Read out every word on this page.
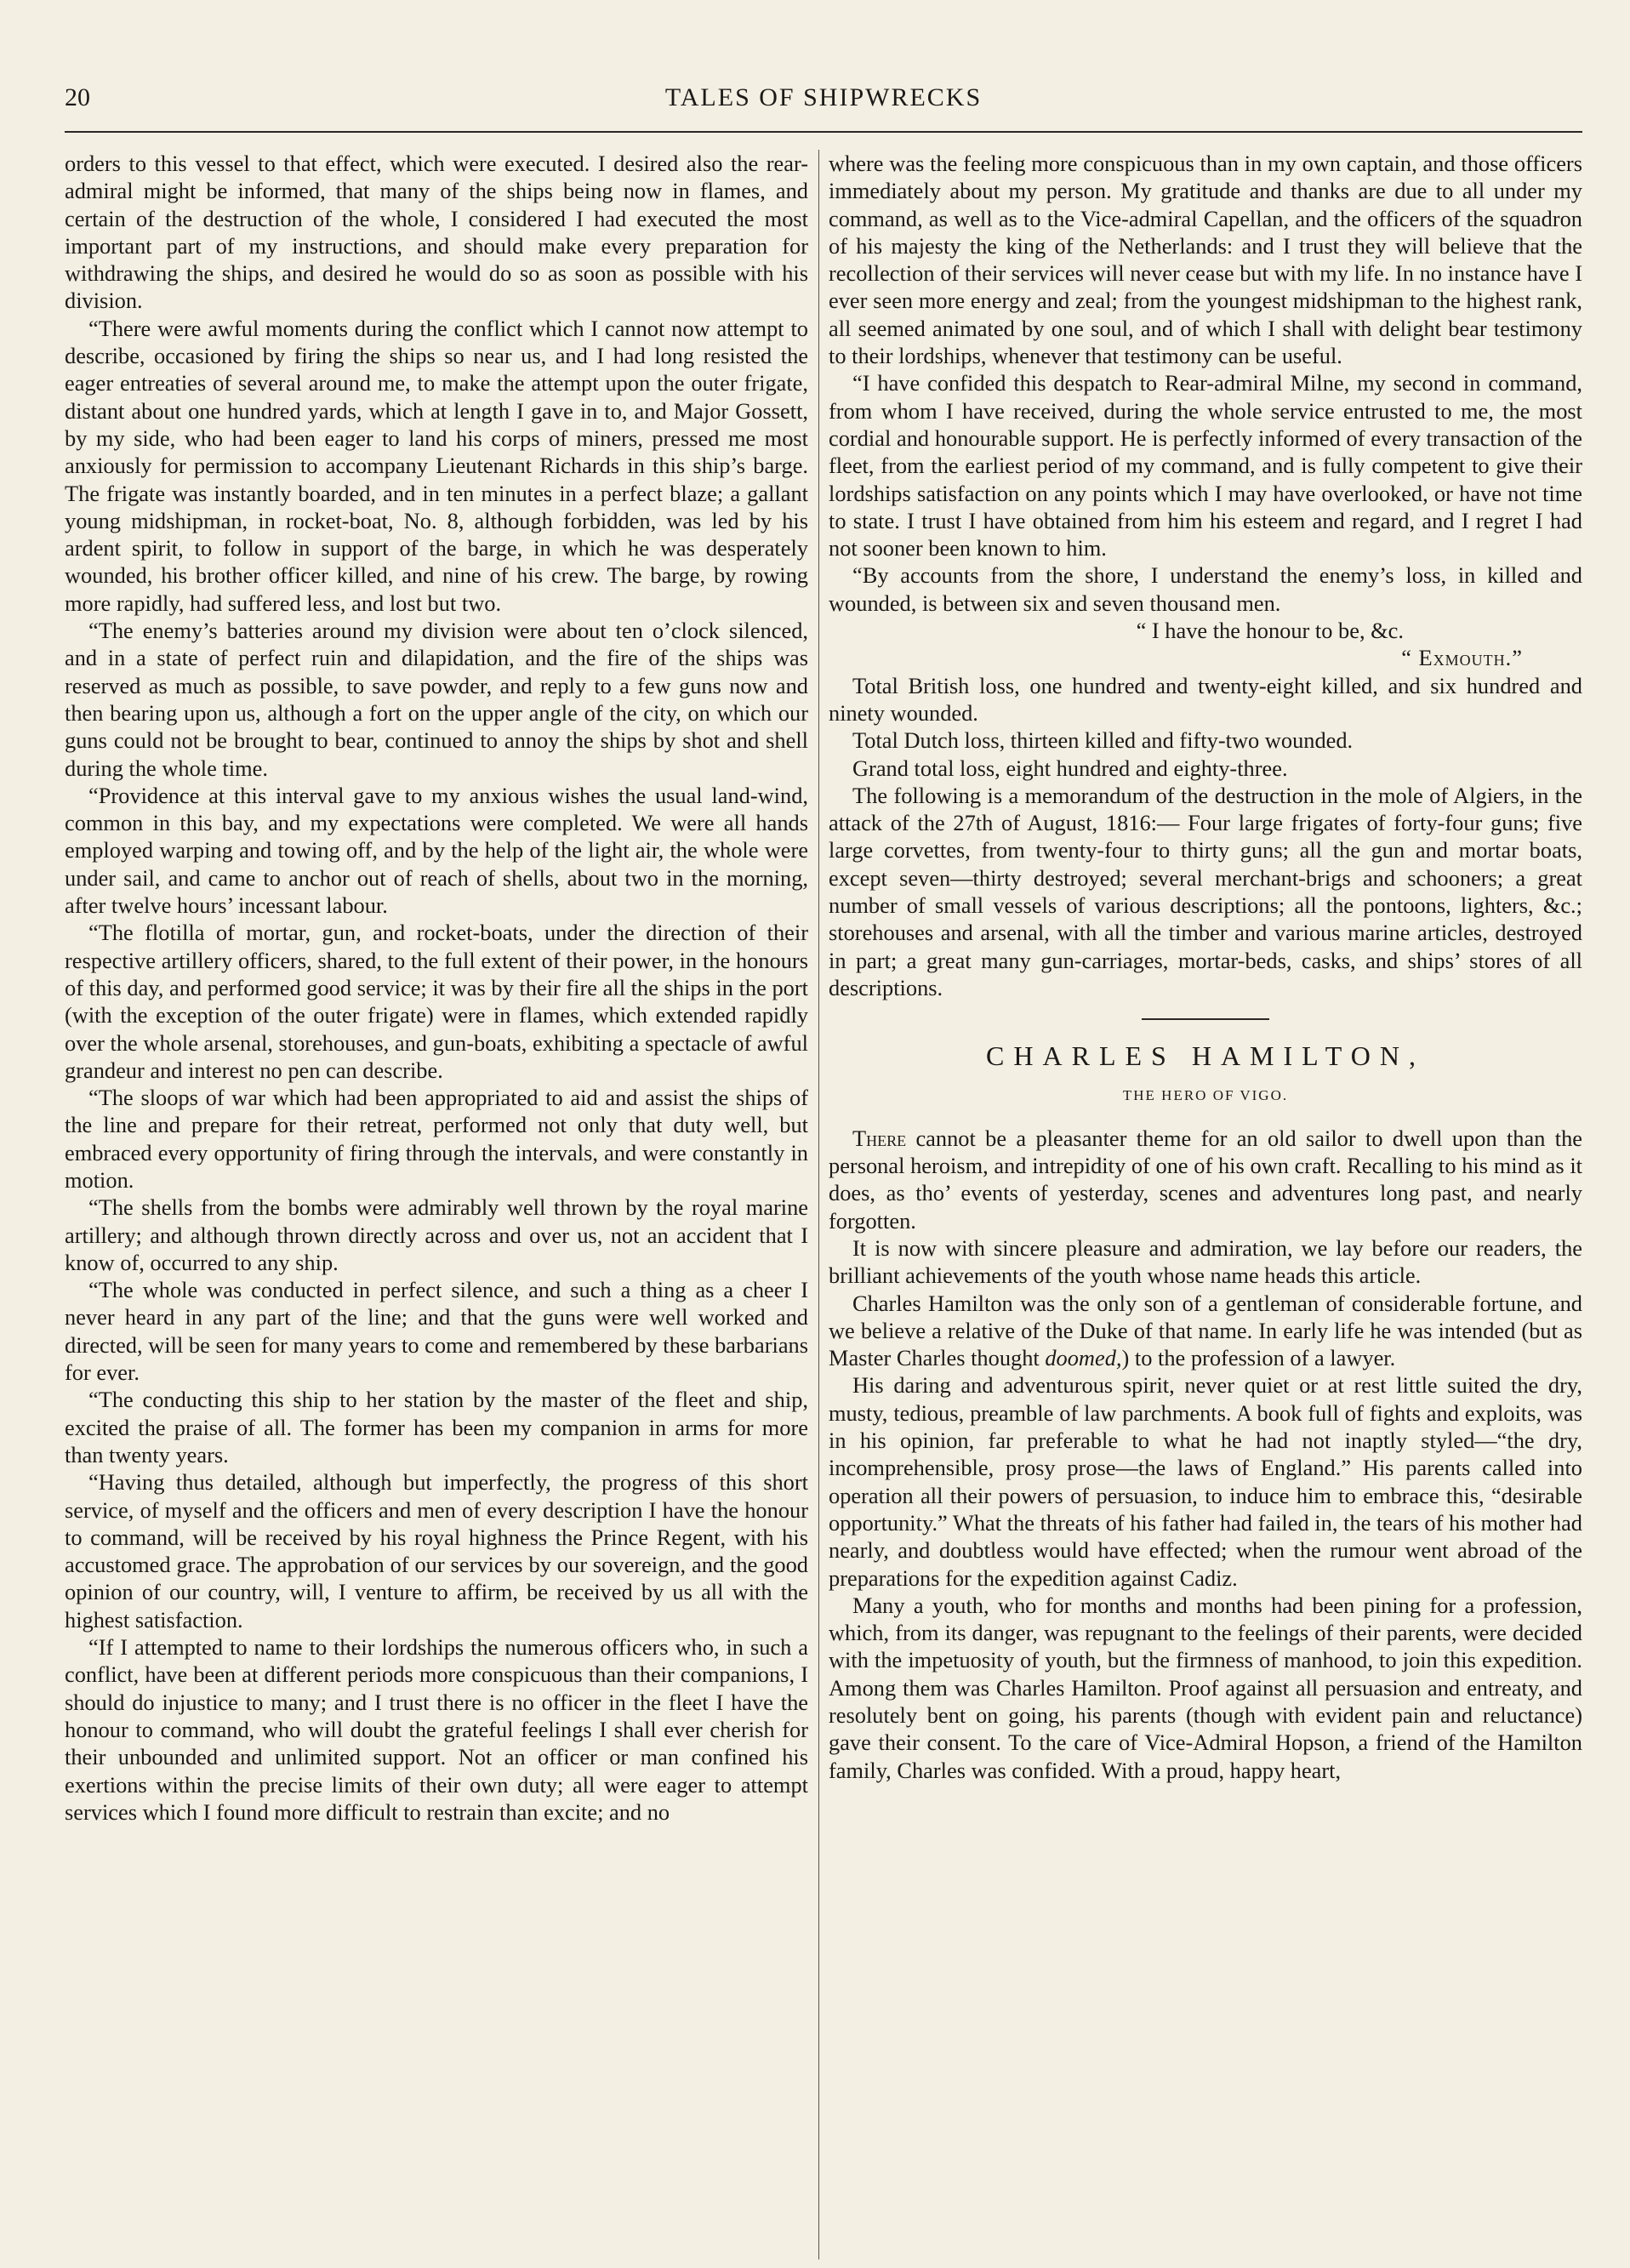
20	TALES OF SHIPWRECKS

orders to this vessel to that effect, which were executed. I desired also the rear-admiral might be informed, that many of the ships being now in flames, and certain of the destruction of the whole, I considered I had executed the most important part of my instructions, and should make every preparation for withdrawing the ships, and desired he would do so as soon as possible with his division.

“There were awful moments during the conflict which I cannot now attempt to describe, occasioned by firing the ships so near us, and I had long resisted the eager entreaties of several around me, to make the attempt upon the outer frigate, distant about one hundred yards, which at length I gave in to, and Major Gossett, by my side, who had been eager to land his corps of miners, pressed me most anxiously for permission to accompany Lieutenant Richards in this ship’s barge. The frigate was instantly boarded, and in ten minutes in a perfect blaze; a gallant young midshipman, in rocket-boat, No. 8, although forbidden, was led by his ardent spirit, to follow in support of the barge, in which he was desperately wounded, his brother officer killed, and nine of his crew. The barge, by rowing more rapidly, had suffered less, and lost but two.

“The enemy’s batteries around my division were about ten o’clock silenced, and in a state of perfect ruin and dilapidation, and the fire of the ships was reserved as much as possible, to save powder, and reply to a few guns now and then bearing upon us, although a fort on the upper angle of the city, on which our guns could not be brought to bear, continued to annoy the ships by shot and shell during the whole time.

“Providence at this interval gave to my anxious wishes the usual land-wind, common in this bay, and my expectations were completed. We were all hands employed warping and towing off, and by the help of the light air, the whole were under sail, and came to anchor out of reach of shells, about two in the morning, after twelve hours’ incessant labour.

“The flotilla of mortar, gun, and rocket-boats, under the direction of their respective artillery officers, shared, to the full extent of their power, in the honours of this day, and performed good service; it was by their fire all the ships in the port (with the exception of the outer frigate) were in flames, which extended rapidly over the whole arsenal, storehouses, and gun-boats, exhibiting a spectacle of awful grandeur and interest no pen can describe.

“The sloops of war which had been appropriated to aid and assist the ships of the line and prepare for their retreat, performed not only that duty well, but embraced every opportunity of firing through the intervals, and were constantly in motion.

“The shells from the bombs were admirably well thrown by the royal marine artillery; and although thrown directly across and over us, not an accident that I know of, occurred to any ship.

“The whole was conducted in perfect silence, and such a thing as a cheer I never heard in any part of the line; and that the guns were well worked and directed, will be seen for many years to come and remembered by these barbarians for ever.

“The conducting this ship to her station by the master of the fleet and ship, excited the praise of all. The former has been my companion in arms for more than twenty years.

“Having thus detailed, although but imperfectly, the progress of this short service, of myself and the officers and men of every description I have the honour to command, will be received by his royal highness the Prince Regent, with his accustomed grace. The approbation of our services by our sovereign, and the good opinion of our country, will, I venture to affirm, be received by us all with the highest satisfaction.

“If I attempted to name to their lordships the numerous officers who, in such a conflict, have been at different periods more conspicuous than their companions, I should do injustice to many; and I trust there is no officer in the fleet I have the honour to command, who will doubt the grateful feelings I shall ever cherish for their unbounded and unlimited support. Not an officer or man confined his exertions within the precise limits of their own duty; all were eager to attempt services which I found more difficult to restrain than excite; and no

where was the feeling more conspicuous than in my own captain, and those officers immediately about my person. My gratitude and thanks are due to all under my command, as well as to the Vice-admiral Capellan, and the officers of the squadron of his majesty the king of the Netherlands: and I trust they will believe that the recollection of their services will never cease but with my life. In no instance have I ever seen more energy and zeal; from the youngest midshipman to the highest rank, all seemed animated by one soul, and of which I shall with delight bear testimony to their lordships, whenever that testimony can be useful.

“I have confided this despatch to Rear-admiral Milne, my second in command, from whom I have received, during the whole service entrusted to me, the most cordial and honourable support. He is perfectly informed of every transaction of the fleet, from the earliest period of my command, and is fully competent to give their lordships satisfaction on any points which I may have overlooked, or have not time to state. I trust I have obtained from him his esteem and regard, and I regret I had not sooner been known to him.

“By accounts from the shore, I understand the enemy’s loss, in killed and wounded, is between six and seven thousand men.

“ I have the honour to be, &c.

“ Exmouth.”

Total British loss, one hundred and twenty-eight killed, and six hundred and ninety wounded.

Total Dutch loss, thirteen killed and fifty-two wounded.

Grand total loss, eight hundred and eighty-three.

The following is a memorandum of the destruction in the mole of Algiers, in the attack of the 27th of August, 1816:— Four large frigates of forty-four guns; five large corvettes, from twenty-four to thirty guns; all the gun and mortar boats, except seven—thirty destroyed; several merchant-brigs and schooners; a great number of small vessels of various descriptions; all the pontoons, lighters, &c.; storehouses and arsenal, with all the timber and various marine articles, destroyed in part; a great many gun-carriages, mortar-beds, casks, and ships’ stores of all descriptions.

CHARLES HAMILTON,
THE HERO OF VIGO.

There cannot be a pleasanter theme for an old sailor to dwell upon than the personal heroism, and intrepidity of one of his own craft. Recalling to his mind as it does, as tho’ events of yesterday, scenes and adventures long past, and nearly forgotten.

It is now with sincere pleasure and admiration, we lay before our readers, the brilliant achievements of the youth whose name heads this article.

Charles Hamilton was the only son of a gentleman of considerable fortune, and we believe a relative of the Duke of that name. In early life he was intended (but as Master Charles thought doomed,) to the profession of a lawyer.

His daring and adventurous spirit, never quiet or at rest little suited the dry, musty, tedious, preamble of law parchments. A book full of fights and exploits, was in his opinion, far preferable to what he had not inaptly styled—“the dry, incomprehensible, prosy prose—the laws of England.” His parents called into operation all their powers of persuasion, to induce him to embrace this, “desirable opportunity.” What the threats of his father had failed in, the tears of his mother had nearly, and doubtless would have effected; when the rumour went abroad of the preparations for the expedition against Cadiz.

Many a youth, who for months and months had been pining for a profession, which, from its danger, was repugnant to the feelings of their parents, were decided with the impetuosity of youth, but the firmness of manhood, to join this expedition. Among them was Charles Hamilton. Proof against all persuasion and entreaty, and resolutely bent on going, his parents (though with evident pain and reluctance) gave their consent. To the care of Vice-Admiral Hopson, a friend of the Hamilton family, Charles was confided. With a proud, happy heart,
